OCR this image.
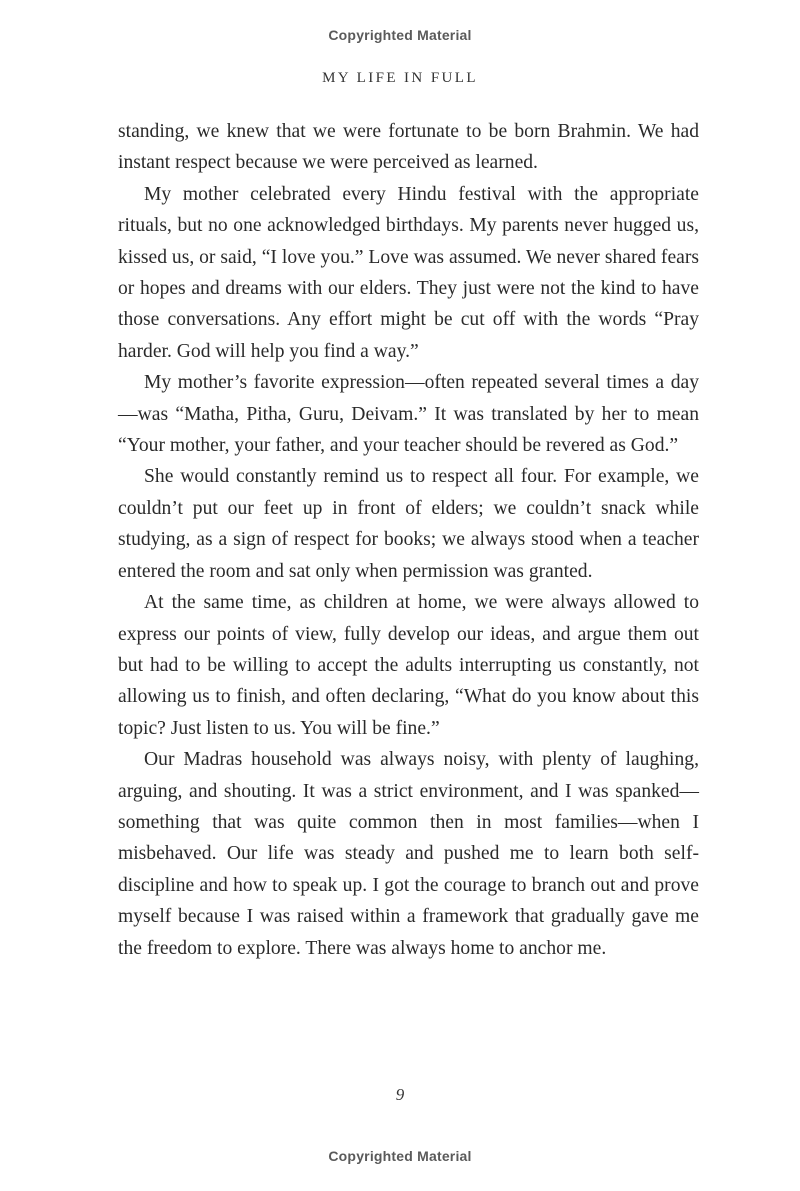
Copyrighted Material
MY LIFE IN FULL

standing, we knew that we were fortunate to be born Brahmin. We had instant respect because we were perceived as learned.

My mother celebrated every Hindu festival with the appropriate rituals, but no one acknowledged birthdays. My parents never hugged us, kissed us, or said, “I love you.” Love was assumed. We never shared fears or hopes and dreams with our elders. They just were not the kind to have those conversations. Any effort might be cut off with the words “Pray harder. God will help you find a way.”

My mother’s favorite expression—often repeated several times a day—was “Matha, Pitha, Guru, Deivam.” It was translated by her to mean “Your mother, your father, and your teacher should be revered as God.”

She would constantly remind us to respect all four. For example, we couldn’t put our feet up in front of elders; we couldn’t snack while studying, as a sign of respect for books; we always stood when a teacher entered the room and sat only when permission was granted.

At the same time, as children at home, we were always allowed to express our points of view, fully develop our ideas, and argue them out but had to be willing to accept the adults interrupting us constantly, not allowing us to finish, and often declaring, “What do you know about this topic? Just listen to us. You will be fine.”

Our Madras household was always noisy, with plenty of laughing, arguing, and shouting. It was a strict environment, and I was spanked—something that was quite common then in most families—when I misbehaved. Our life was steady and pushed me to learn both self-discipline and how to speak up. I got the courage to branch out and prove myself because I was raised within a framework that gradually gave me the freedom to explore. There was always home to anchor me.

9
Copyrighted Material
